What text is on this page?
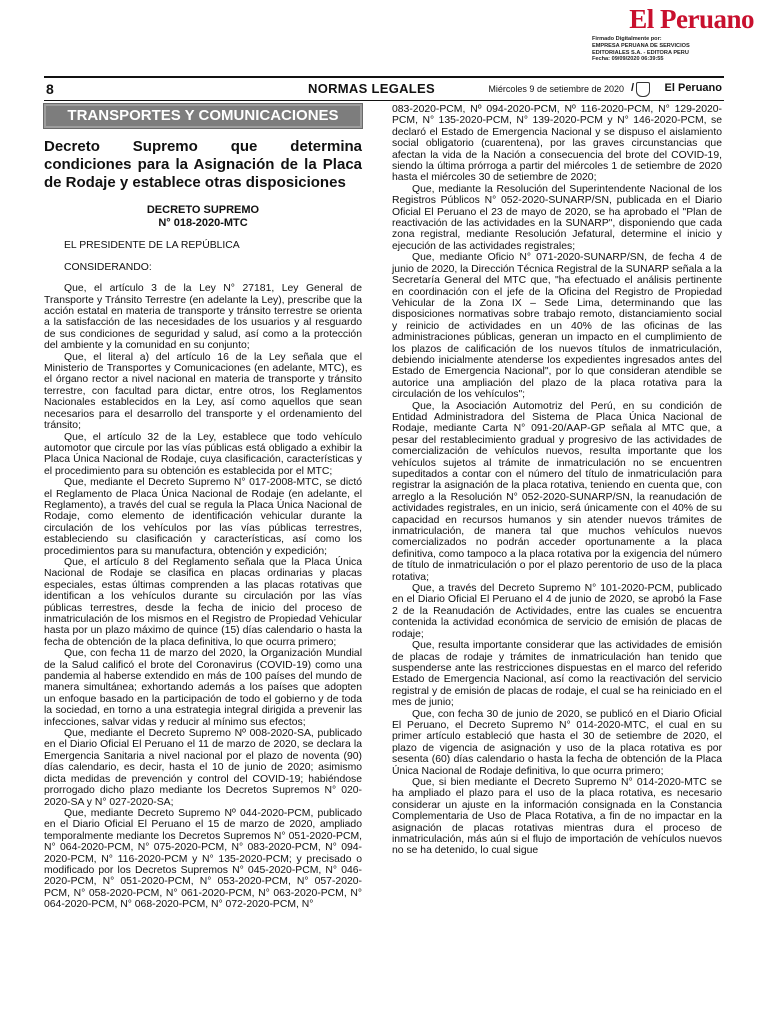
El Peruano
Firmado Digitalmente por:
EMPRESA PERUANA DE SERVICIOS
EDITORIALES S.A. - EDITORA PERU
Fecha: 09/09/2020 06:39:55
8	NORMAS LEGALES	Miércoles 9 de setiembre de 2020 /	El Peruano
TRANSPORTES Y COMUNICACIONES
Decreto Supremo que determina condiciones para la Asignación de la Placa de Rodaje y establece otras disposiciones
DECRETO SUPREMO
N° 018-2020-MTC

EL PRESIDENTE DE LA REPÚBLICA

CONSIDERANDO:

Que, el artículo 3 de la Ley N° 27181, Ley General de Transporte y Tránsito Terrestre (en adelante la Ley), prescribe que la acción estatal en materia de transporte y tránsito terrestre se orienta a la satisfacción de las necesidades de los usuarios y al resguardo de sus condiciones de seguridad y salud, así como a la protección del ambiente y la comunidad en su conjunto;

Que, el literal a) del artículo 16 de la Ley señala que el Ministerio de Transportes y Comunicaciones (en adelante, MTC), es el órgano rector a nivel nacional en materia de transporte y tránsito terrestre, con facultad para dictar, entre otros, los Reglamentos Nacionales establecidos en la Ley, así como aquellos que sean necesarios para el desarrollo del transporte y el ordenamiento del tránsito;

Que, el artículo 32 de la Ley, establece que todo vehículo automotor que circule por las vías públicas está obligado a exhibir la Placa Única Nacional de Rodaje, cuya clasificación, características y el procedimiento para su obtención es establecida por el MTC;

Que, mediante el Decreto Supremo N° 017-2008-MTC, se dictó el Reglamento de Placa Única Nacional de Rodaje (en adelante, el Reglamento), a través del cual se regula la Placa Única Nacional de Rodaje, como elemento de identificación vehicular durante la circulación de los vehículos por las vías públicas terrestres, estableciendo su clasificación y características, así como los procedimientos para su manufactura, obtención y expedición;

Que, el artículo 8 del Reglamento señala que la Placa Única Nacional de Rodaje se clasifica en placas ordinarias y placas especiales, estas últimas comprenden a las placas rotativas que identifican a los vehículos durante su circulación por las vías públicas terrestres, desde la fecha de inicio del proceso de inmatriculación de los mismos en el Registro de Propiedad Vehicular hasta por un plazo máximo de quince (15) días calendario o hasta la fecha de obtención de la placa definitiva, lo que ocurra primero;

Que, con fecha 11 de marzo del 2020, la Organización Mundial de la Salud calificó el brote del Coronavirus (COVID-19) como una pandemia al haberse extendido en más de 100 países del mundo de manera simultánea; exhortando además a los países que adopten un enfoque basado en la participación de todo el gobierno y de toda la sociedad, en torno a una estrategia integral dirigida a prevenir las infecciones, salvar vidas y reducir al mínimo sus efectos;

Que, mediante el Decreto Supremo Nº 008-2020-SA, publicado en el Diario Oficial El Peruano el 11 de marzo de 2020, se declara la Emergencia Sanitaria a nivel nacional por el plazo de noventa (90) días calendario, es decir, hasta el 10 de junio de 2020; asimismo dicta medidas de prevención y control del COVID-19; habiéndose prorrogado dicho plazo mediante los Decretos Supremos N° 020-2020-SA y N° 027-2020-SA;

Que, mediante Decreto Supremo Nº 044-2020-PCM, publicado en el Diario Oficial El Peruano el 15 de marzo de 2020, ampliado temporalmente mediante los Decretos Supremos N° 051-2020-PCM, N° 064-2020-PCM, N° 075-2020-PCM, N° 083-2020-PCM, N° 094-2020-PCM, N° 116-2020-PCM y N° 135-2020-PCM; y precisado o modificado por los Decretos Supremos N° 045-2020-PCM, N° 046-2020-PCM, N° 051-2020-PCM, N° 053-2020-PCM, N° 057-2020-PCM, N° 058-2020-PCM, N° 061-2020-PCM, N° 063-2020-PCM, N° 064-2020-PCM, N° 068-2020-PCM, N° 072-2020-PCM, N°

083-2020-PCM, Nº 094-2020-PCM, Nº 116-2020-PCM, N° 129-2020-PCM, N° 135-2020-PCM, N° 139-2020-PCM y N° 146-2020-PCM, se declaró el Estado de Emergencia Nacional y se dispuso el aislamiento social obligatorio (cuarentena), por las graves circunstancias que afectan la vida de la Nación a consecuencia del brote del COVID-19, siendo la última prórroga a partir del miércoles 1 de setiembre de 2020 hasta el miércoles 30 de setiembre de 2020;

Que, mediante la Resolución del Superintendente Nacional de los Registros Públicos N° 052-2020-SUNARP/SN, publicada en el Diario Oficial El Peruano el 23 de mayo de 2020, se ha aprobado el "Plan de reactivación de las actividades en la SUNARP", disponiendo que cada zona registral, mediante Resolución Jefatural, determine el inicio y ejecución de las actividades registrales;

Que, mediante Oficio N° 071-2020-SUNARP/SN, de fecha 4 de junio de 2020, la Dirección Técnica Registral de la SUNARP señala a la Secretaría General del MTC que, "ha efectuado el análisis pertinente en coordinación con el jefe de la Oficina del Registro de Propiedad Vehicular de la Zona IX – Sede Lima, determinando que las disposiciones normativas sobre trabajo remoto, distanciamiento social y reinicio de actividades en un 40% de las oficinas de las administraciones públicas, generan un impacto en el cumplimiento de los plazos de calificación de los nuevos títulos de inmatriculación, debiendo inicialmente atenderse los expedientes ingresados antes del Estado de Emergencia Nacional", por lo que consideran atendible se autorice una ampliación del plazo de la placa rotativa para la circulación de los vehículos";

Que, la Asociación Automotriz del Perú, en su condición de Entidad Administradora del Sistema de Placa Única Nacional de Rodaje, mediante Carta N° 091-20/AAP-GP señala al MTC que, a pesar del restablecimiento gradual y progresivo de las actividades de comercialización de vehículos nuevos, resulta importante que los vehículos sujetos al trámite de inmatriculación no se encuentren supeditados a contar con el número del título de inmatriculación para registrar la asignación de la placa rotativa, teniendo en cuenta que, con arreglo a la Resolución N° 052-2020-SUNARP/SN, la reanudación de actividades registrales, en un inicio, será únicamente con el 40% de su capacidad en recursos humanos y sin atender nuevos trámites de inmatriculación, de manera tal que muchos vehículos nuevos comercializados no podrán acceder oportunamente a la placa definitiva, como tampoco a la placa rotativa por la exigencia del número de título de inmatriculación o por el plazo perentorio de uso de la placa rotativa;

Que, a través del Decreto Supremo N° 101-2020-PCM, publicado en el Diario Oficial El Peruano el 4 de junio de 2020, se aprobó la Fase 2 de la Reanudación de Actividades, entre las cuales se encuentra contenida la actividad económica de servicio de emisión de placas de rodaje;

Que, resulta importante considerar que las actividades de emisión de placas de rodaje y trámites de inmatriculación han tenido que suspenderse ante las restricciones dispuestas en el marco del referido Estado de Emergencia Nacional, así como la reactivación del servicio registral y de emisión de placas de rodaje, el cual se ha reiniciado en el mes de junio;

Que, con fecha 30 de junio de 2020, se publicó en el Diario Oficial El Peruano, el Decreto Supremo N° 014-2020-MTC, el cual en su primer artículo estableció que hasta el 30 de setiembre de 2020, el plazo de vigencia de asignación y uso de la placa rotativa es por sesenta (60) días calendario o hasta la fecha de obtención de la Placa Única Nacional de Rodaje definitiva, lo que ocurra primero;

Que, si bien mediante el Decreto Supremo N° 014-2020-MTC se ha ampliado el plazo para el uso de la placa rotativa, es necesario considerar un ajuste en la información consignada en la Constancia Complementaria de Uso de Placa Rotativa, a fin de no impactar en la asignación de placas rotativas mientras dura el proceso de inmatriculación, más aún si el flujo de importación de vehículos nuevos no se ha detenido, lo cual sigue
